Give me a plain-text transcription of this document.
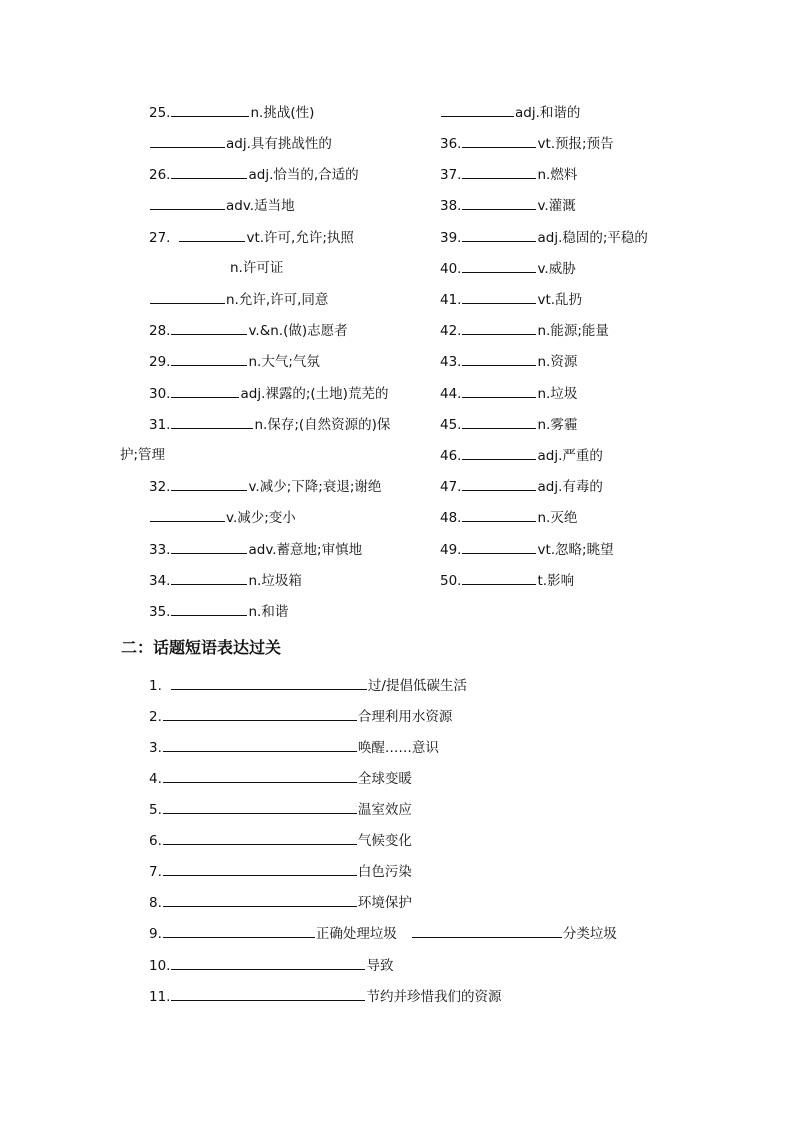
25.	n.挑战(性)
adj.具有挑战性的
26.	adj.恰当的,合适的
adv.适当地
27.	vt.许可,允许;执照
n.许可证
n.允许,许可,同意
28.	v.&n.(做)志愿者
29.	n.大气;气氛
30.	adj.裸露的;(土地)荒芜的
31.	n.保存;(自然资源的)保
护;管理
32.	v.减少;下降;衰退;谢绝
v.减少;变小
33.	adv.蓄意地;审慎地
34.	n.垃圾箱
35.	n.和谐
adj.和谐的
36.	vt.预报;预告
37.	n.燃料
38.	v.灌溉
39.	adj.稳固的;平稳的
40.	v.威胁
41.	vt.乱扔
42.	n.能源;能量
43.	n.资源
44.	n.垃圾
45.	n.雾霾
46.	adj.严重的
47.	adj.有毒的
48.	n.灭绝
49.	vt.忽略;眺望
50.	t.影响
二：话题短语表达过关
1.	过/提倡低碳生活
2.	合理利用水资源
3.	唤醒……意识
4.	全球变暖
5.	温室效应
6.	气候变化
7.	白色污染
8.	环境保护
9.	正确处理垃圾	分类垃圾
10.	导致
11.	节约并珍惜我们的资源
